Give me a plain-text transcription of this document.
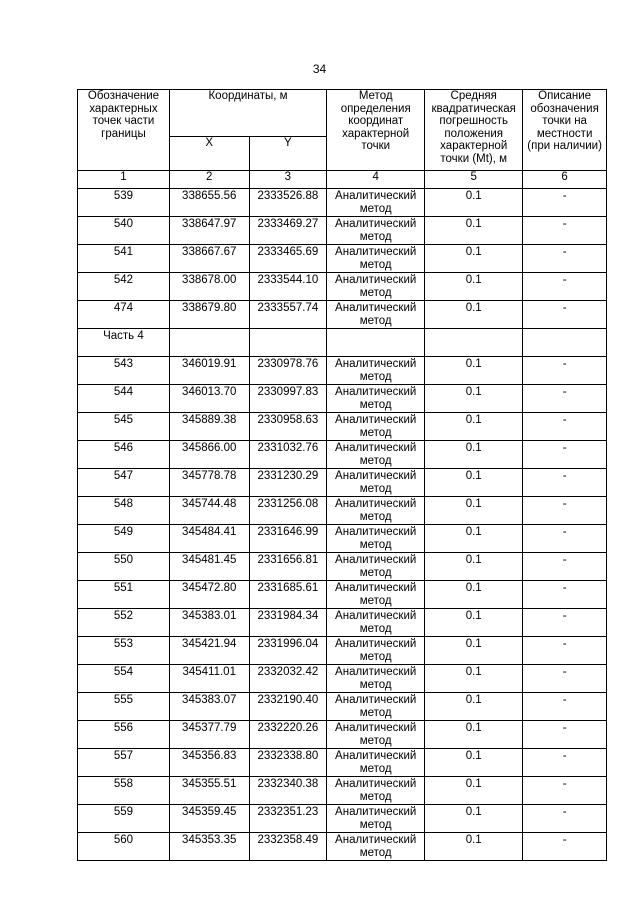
34
Обозначение характерных точек части границы	Координаты, м		Метод определения координат характерной точки	Средняя квадратическая погрешность положения характерной точки (Mt), м	Описание обозначения точки на местности (при наличии)
	X	Y			
1	2	3	4	5	6
539	338655.56	2333526.88	Аналитический метод	0.1	-
540	338647.97	2333469.27	Аналитический метод	0.1	-
541	338667.67	2333465.69	Аналитический метод	0.1	-
542	338678.00	2333544.10	Аналитический метод	0.1	-
474	338679.80	2333557.74	Аналитический метод	0.1	-
Часть 4					
543	346019.91	2330978.76	Аналитический метод	0.1	-
544	346013.70	2330997.83	Аналитический метод	0.1	-
545	345889.38	2330958.63	Аналитический метод	0.1	-
546	345866.00	2331032.76	Аналитический метод	0.1	-
547	345778.78	2331230.29	Аналитический метод	0.1	-
548	345744.48	2331256.08	Аналитический метод	0.1	-
549	345484.41	2331646.99	Аналитический метод	0.1	-
550	345481.45	2331656.81	Аналитический метод	0.1	-
551	345472.80	2331685.61	Аналитический метод	0.1	-
552	345383.01	2331984.34	Аналитический метод	0.1	-
553	345421.94	2331996.04	Аналитический метод	0.1	-
554	345411.01	2332032.42	Аналитический метод	0.1	-
555	345383.07	2332190.40	Аналитический метод	0.1	-
556	345377.79	2332220.26	Аналитический метод	0.1	-
557	345356.83	2332338.80	Аналитический метод	0.1	-
558	345355.51	2332340.38	Аналитический метод	0.1	-
559	345359.45	2332351.23	Аналитический метод	0.1	-
560	345353.35	2332358.49	Аналитический метод	0.1	-
